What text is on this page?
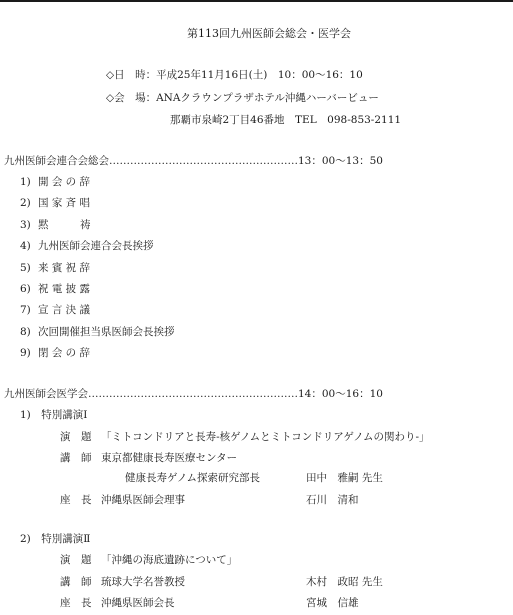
第113回九州医師会総会・医学会
◇日　時：平成25年11月16日(土)　10：00〜16：10
◇会　場：ANAクラウンプラザホテル沖縄ハーバービュー
那覇市泉崎2丁目46番地　TEL　098-853-2111
九州医師会連合会総会………………………………………………13：00〜13：50
1) 開 会 の 辞
2) 国 家 斉 唱
3) 黙　　　祷
4) 九州医師会連合会長挨拶
5) 来 賓 祝 辞
6) 祝 電 披 露
7) 宣 言 決 議
8) 次回開催担当県医師会長挨拶
9) 閉 会 の 辞
九州医師会医学会……………………………………………………14：00〜16：10
1)　特別講演Ⅰ
演　題 「ミトコンドリアと長寿-核ゲノムとミトコンドリアゲノムの関わり-」
講　師 東京都健康長寿医療センター
健康長寿ゲノム探索研究部長	田中　雅嗣 先生
座　長 沖縄県医師会理事	石川　清和
2)　特別講演Ⅱ
演　題 「沖縄の海底遺跡について」
講　師 琉球大学名誉教授	木村　政昭 先生
座　長 沖縄県医師会長	宮城　信雄
